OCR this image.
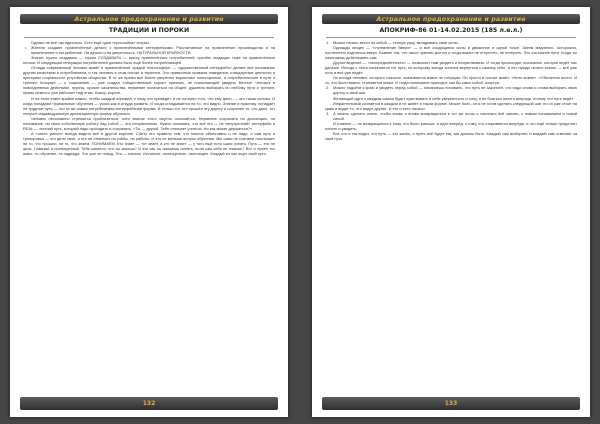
Астральное предохранение и развитие
ТРАДИЦИИ И ПОРОКИ

Однако не всё так идеально. Есть ещё одна «прослойка» хитрых.

• Жители создают привлечённые деньги с привлечёнными интерфейсами. Рассчитанные на привлечение производства и на привлечение и потребление. На деньги и на уверенность. НАТУРАЛЬНОЙ КРАЙНОСТИ.

Значит, нужно создавать — нужно СОЗДАВАТЬ — массу привлечённых потребителей, причём глядящих тоже на привлечённые потоки. И следующая генерация потребителей должна быть ещё более потребляющей.

Отсюда современный человек живёт в привлечённой чуждой технософере — «дружественный интерфейс» делает всё понимание другим качеством и потреблением, и так человек в этом потоке и теряется. Это привычные правила поведения, стандартные ценности и принципы социального устройства общества. В то же время всё более уверенно вырастают полноценные, а потребительские в пути и тренинг. Который — к сожалению — уже создал «общественный сорок» прежних, не позволяющий увидеть Вечное. Человек в повседневных действиях, группы, прочие касательства, неумение полагаться на общее, душевно выбирать по любому пути и тренинг, прямо немного уже работает над этим. Кошку, кароче.

И на этом этапе крайне важно, чтобы каждый понимал, к чему это приведёт, и не потерял того, что ему дано, — это такая основа. И когда попадают нормальные обучения — учись как и откуда развить. И когда оглядывается на то, что видно. Знание и практику, попадает на трудные пути — это та же самая потребляемая интерфейсная форма. И только тот, кто прошёл эту дорогу и сохранил то, что дано, тот получит индивидуальную дистанционную форму обучения.

Человек несознанно стремится приблизиться, хотя знание этого смутно опознаётся. Неумение сохранить ни дистанцию, ни понимание, ни свою собственную работу над собой — это неприемлемо. Нужно понимать, что всё это — не «внутренний» интерфейс и REAL — личный путь, который надо проходить и сохранять. «Ты — другой. Тебе отличает учиться. Но как может держаться?»

А «часть умных» всегда видеть всё в другой картине. Сбито это правило тем, что многое объективно и не надо, а сам путь и тренировка — это дело своё, и это не отменяет ни учёбы, ни работы. И это не меньше вопрос обучения. Мы сами не считаем «чистыми» ни то, что прошли, ни то, что знаем. ПОНИМАЕМ. Кто знает — тот знает, а кто не знает — у того ещё есть шанс узнать. Путь — это не цель. Главный и полноценный. Тебе кажется, что ты знаешь? И это как ты сможешь понять, если сам себя не знаешь? Вот и нужен тот шанс, то обучение, та надежда. Это уже не повод. Это — начало. Истинное, полноценное, настоящее. Каждый из нас ищет свой путь.

132
Астральное предохранение и развитие
АПОКРИФ-86 01-14.02.2015 (185 л.е.л.)

1. Можно начать вести на себой — теплую руку, вкладывать свои силы.

Однажды вещее — «стремление Вверх» — и всё сходящиеся силы и движение в одной точке. Затем медленно, осторожно, постепенно подняться вверх. Бывает так, что такое чувство длится и тогда важно не отпустить, не потерять. Это состояние пути. Когда ты начинаешь действовать сам.

Другое ведение — «неопределённость» — позволяет нам увидеть и почувствовать. И тогда происходит осознание, которое ведёт нас дальше. Иногда с этого начинается тот путь, по которому всегда хочется вернуться к самому себе, и нет нужды ничего искать — всё уже есть и всё уже ведёт.

Но иногда человек, которого спасали, оказывается вовсе не тонущим. Он просто в потоке живёт. «Нить вовне». «Обитатель волн». И то, что было важно, становится иным. И тогда понимание приходит, как бы само собой, изнутри.

2. Можно подойти к краю и увидеть перед собой — начинаешь понимать, что путь не закончен, что надо снова и снова выбирать свою дорогу и свой шаг.

Желающий идти с каждым шагом будет чувствовать в себе уверенность и силу, и не бояться ничего впереди, потому что путь ведёт.

Инфантильный сознаётся в каждом и не живёт в таком форме. Может быть, он и не готов сделать следующий шаг, но он уже стоит на краю и видит то, что видят другие. И это и есть начало.

3. А можно сделать иначе, чтобы вновь и вновь возвращаться в тот же поток и начинать всё заново, с новым пониманием и новой силой.

И главное — не возвращаться к тому, что было раньше, а идти вперёд, к тому, что открывается впереди, и что ещё только предстоит понять и увидеть.

Вот, кто и так видит, что путь — это жизнь, и пусть всё будет так, как должно быть. Каждый сам выбирает, и каждый сам отвечает за свой путь.

133
